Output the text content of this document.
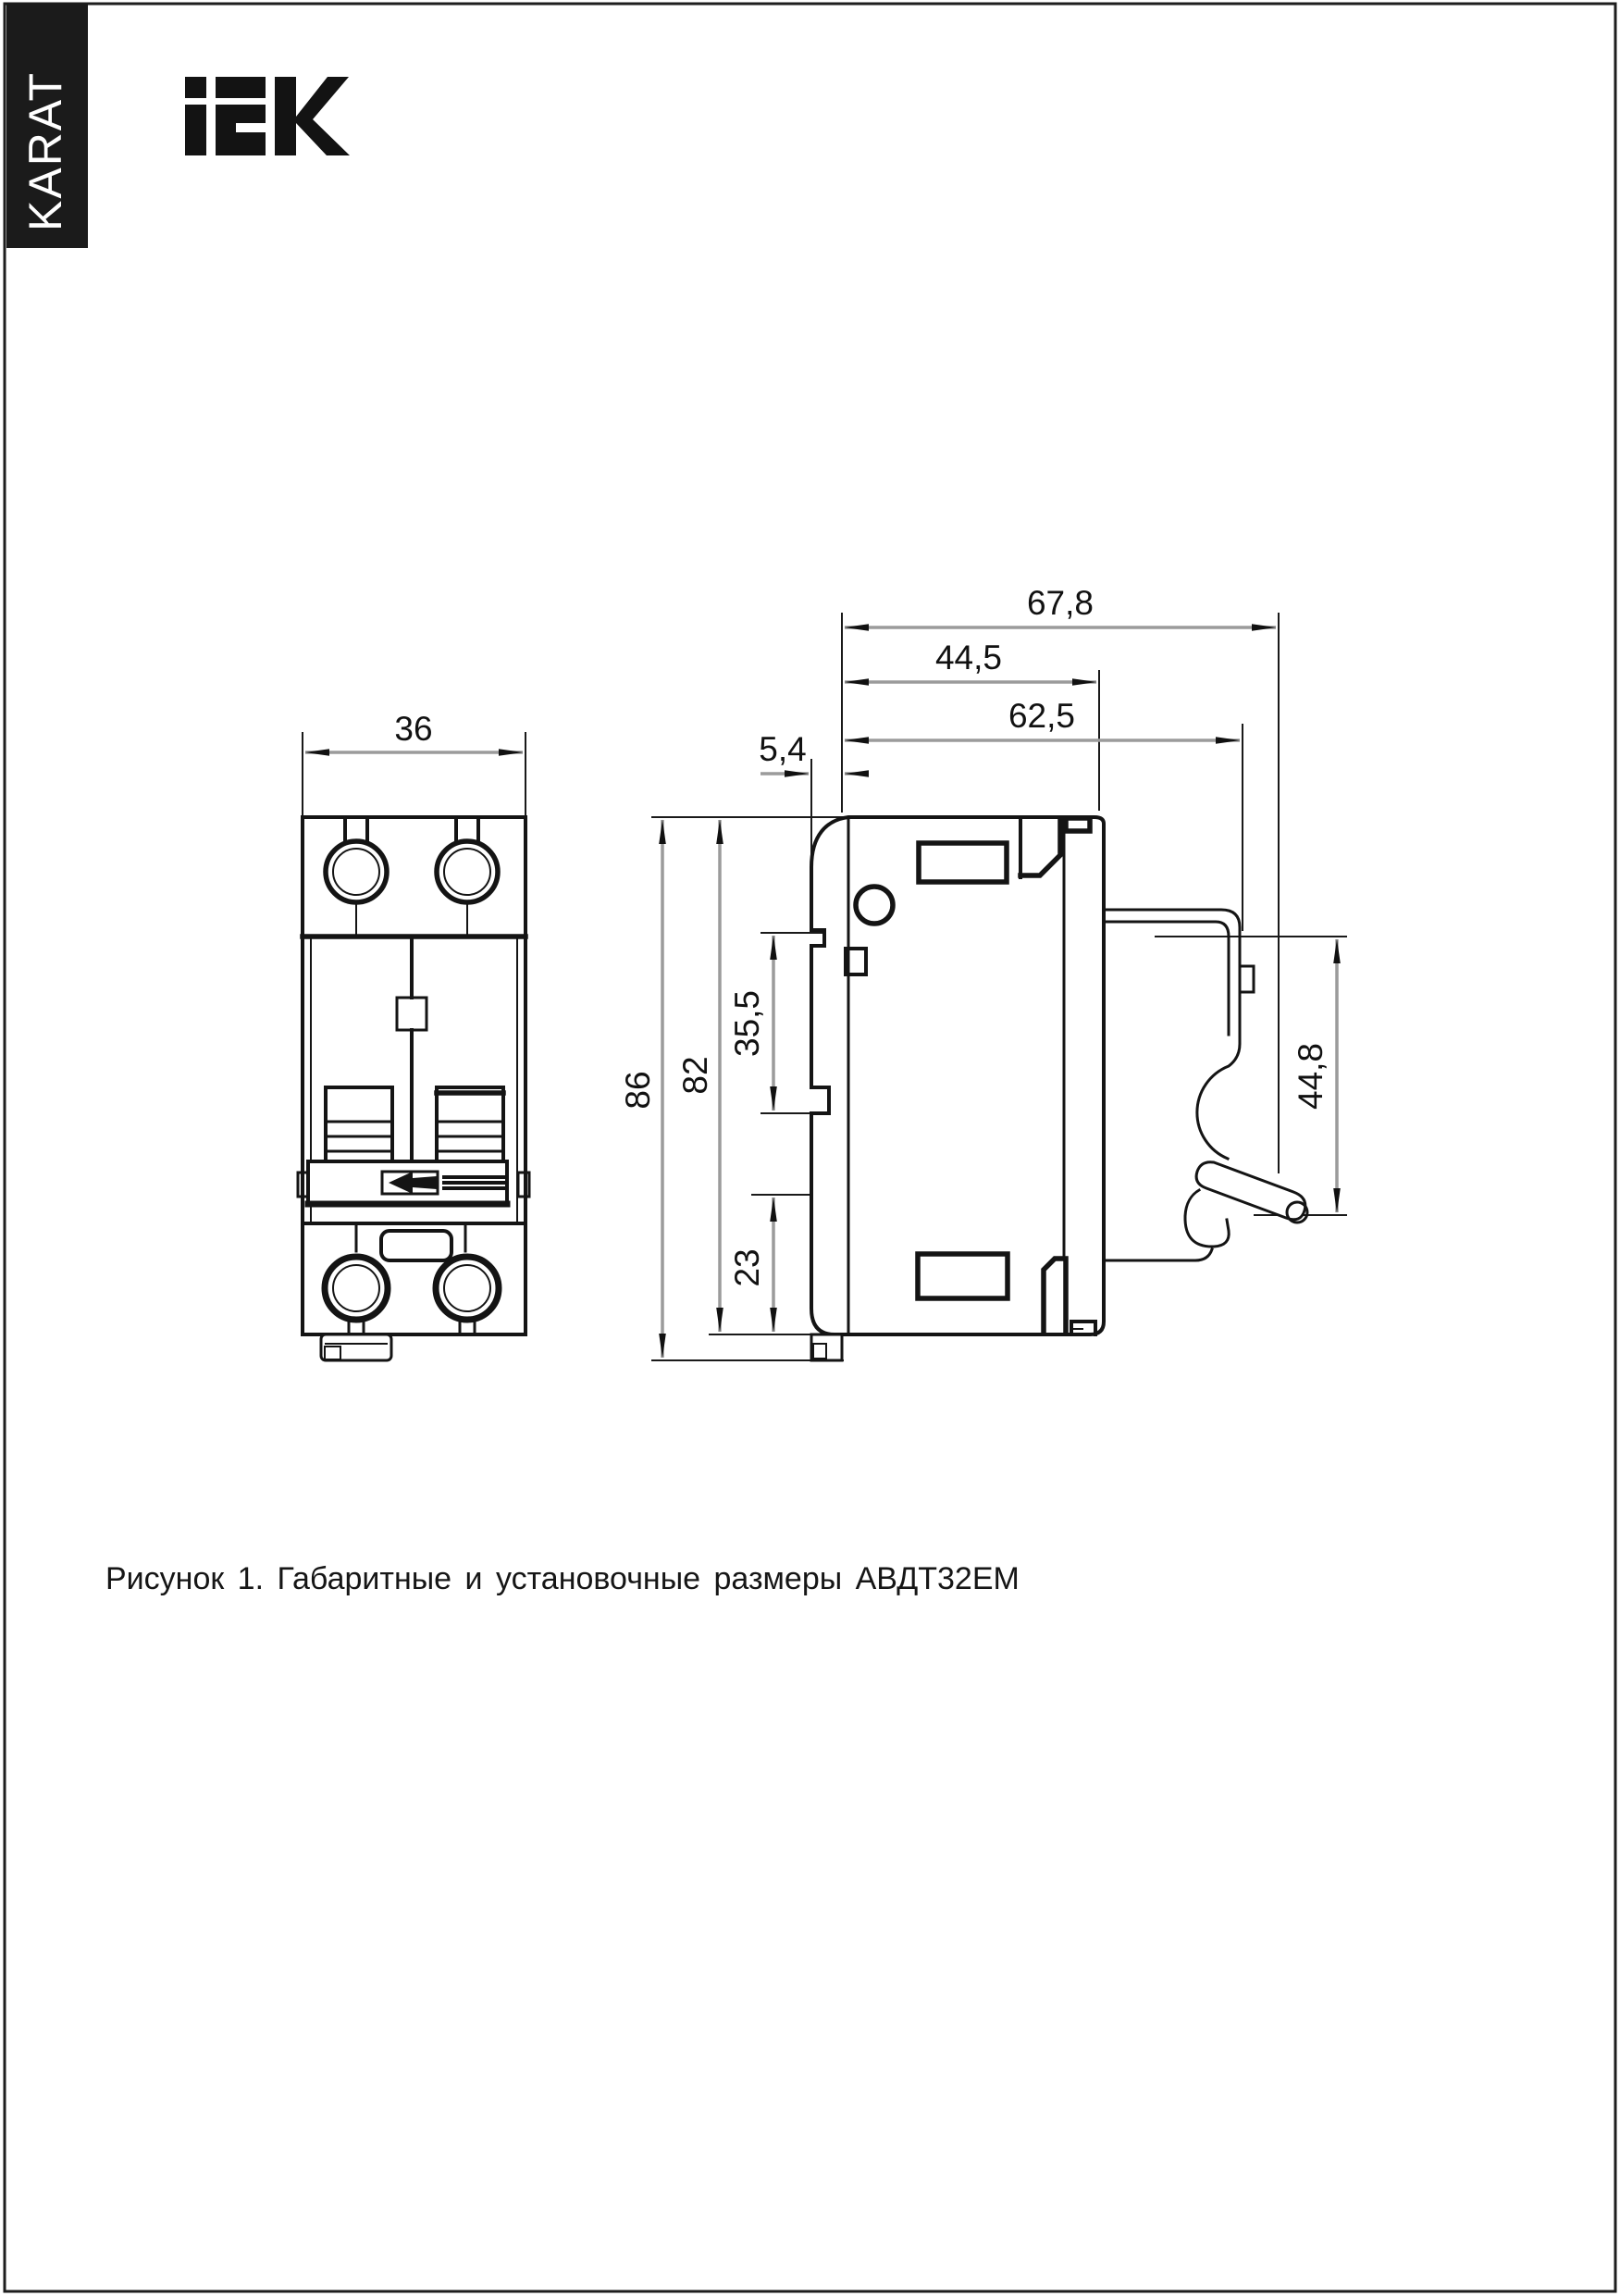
KARAT
36
67,8
44,5
62,5
5,4
86 82
35,5
23
44,8
Рисунок 1. Габаритные и установочные размеры АВДТ32ЕМ
